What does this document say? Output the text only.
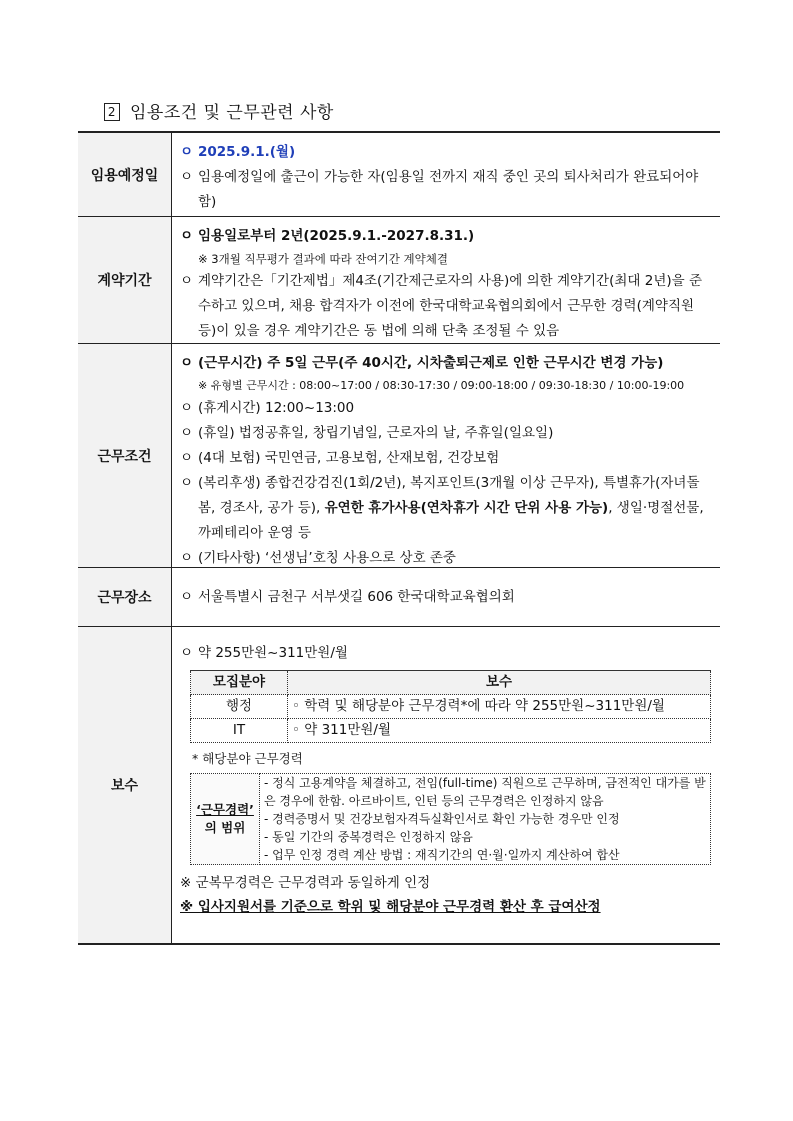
2 임용조건 및 근무관련 사항
임용예정일
ㅇ 2025.9.1.(월)
ㅇ 임용예정일에 출근이 가능한 자(임용일 전까지 재직 중인 곳의 퇴사처리가 완료되어야 함)
계약기간
ㅇ 임용일로부터 2년(2025.9.1.-2027.8.31.)
※ 3개월 직무평가 결과에 따라 잔여기간 계약체결
ㅇ 계약기간은「기간제법」제4조(기간제근로자의 사용)에 의한 계약기간(최대 2년)을 준수하고 있으며, 채용 합격자가 이전에 한국대학교육협의회에서 근무한 경력(계약직원 등)이 있을 경우 계약기간은 동 법에 의해 단축 조정될 수 있음
근무조건
ㅇ (근무시간) 주 5일 근무(주 40시간, 시차출퇴근제로 인한 근무시간 변경 가능)
※ 유형별 근무시간 : 08:00~17:00 / 08:30-17:30 / 09:00-18:00 / 09:30-18:30 / 10:00-19:00
ㅇ (휴게시간) 12:00~13:00
ㅇ (휴일) 법정공휴일, 창립기념일, 근로자의 날, 주휴일(일요일)
ㅇ (4대 보험) 국민연금, 고용보험, 산재보험, 건강보험
ㅇ (복리후생) 종합건강검진(1회/2년), 복지포인트(3개월 이상 근무자), 특별휴가(자녀돌봄, 경조사, 공가 등), 유연한 휴가사용(연차휴가 시간 단위 사용 가능), 생일·명절선물, 까페테리아 운영 등
ㅇ (기타사항) ‘선생님’호칭 사용으로 상호 존중
근무장소	ㅇ 서울특별시 금천구 서부샛길 606 한국대학교육협의회
보수
ㅇ 약 255만원~311만원/월
모집분야	보수
행정	◦ 학력 및 해당분야 근무경력*에 따라 약 255만원~311만원/월
IT	◦ 약 311만원/월
* 해당분야 근무경력
‘근무경력’
의 범위	
- 정식 고용계약을 체결하고, 전임(full-time) 직원으로 근무하며, 금전적인 대가를 받은 경우에 한함. 아르바이트, 인턴 등의 근무경력은 인정하지 않음
- 경력증명서 및 건강보험자격득실확인서로 확인 가능한 경우만 인정
- 동일 기간의 중복경력은 인정하지 않음
- 업무 인정 경력 계산 방법 : 재직기간의 연·월·일까지 계산하여 합산
※ 군복무경력은 근무경력과 동일하게 인정
※ 입사지원서를 기준으로 학위 및 해당분야 근무경력 환산 후 급여산정
